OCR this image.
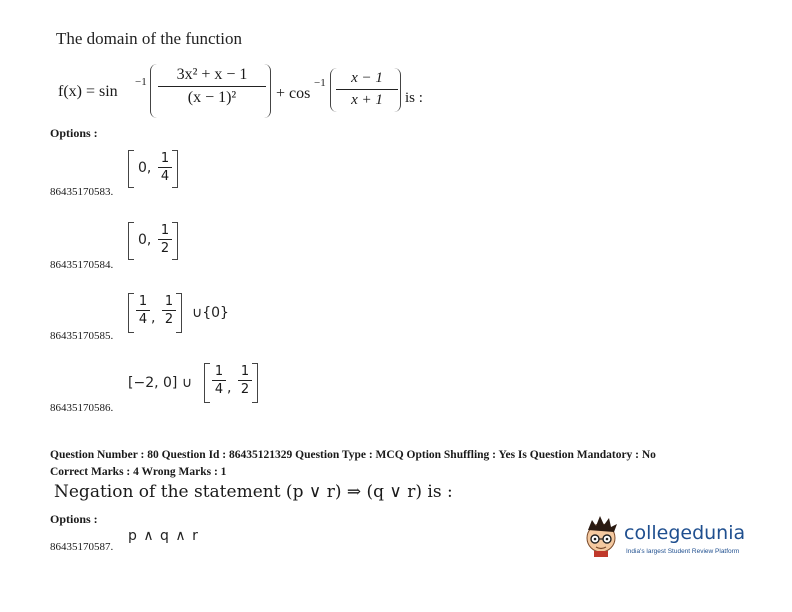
The domain of the function
f(x) = sin
−1	3x² + x − 1
(x − 1)²	+ cos
−1	x − 1
x + 1	is :
Options :
0,
1
4
86435170583.
0,
1
2
86435170584.
1
4 ,
1
2 ∪{0}
86435170585.
[−2, 0] ∪
1
4 ,
1
2
86435170586.
Question Number : 80 Question Id : 86435121329 Question Type : MCQ Option Shuffling : Yes Is Question Mandatory : No
Correct Marks : 4 Wrong Marks : 1
Negation of the statement (p ∨ r) ⇒ (q ∨ r) is :
Options :
p ∧ q ∧ r
86435170587.
collegedunia
India's largest Student Review Platform
